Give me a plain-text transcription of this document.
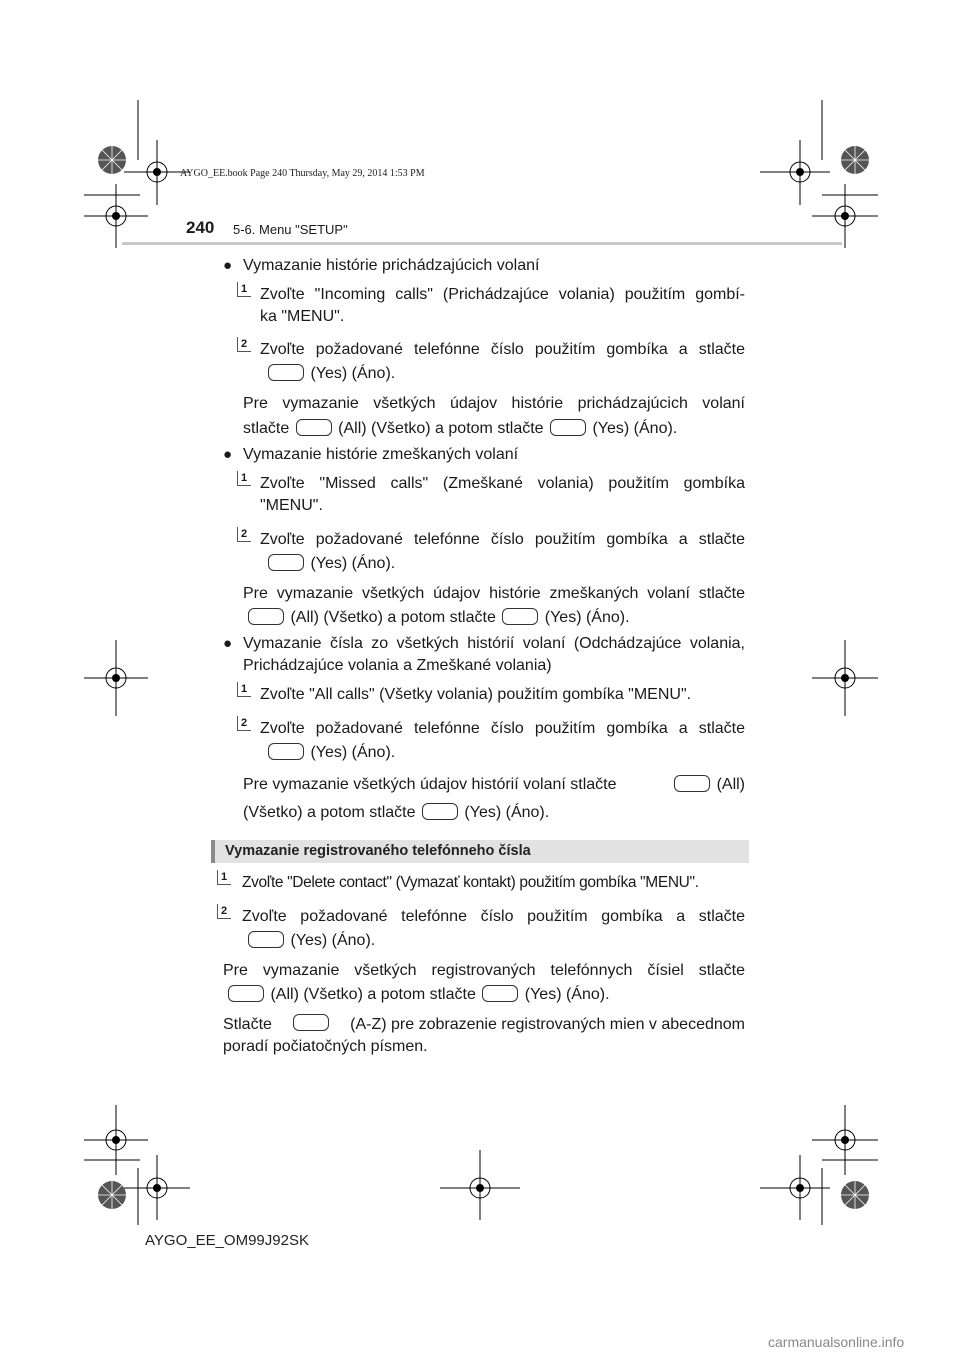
AYGO_EE.book Page 240 Thursday, May 29, 2014 1:53 PM
240 5-6. Menu "SETUP"
● Vymazanie histórie prichádzajúcich volaní
1 Zvoľte "Incoming calls" (Prichádzajúce volania) použitím gombí-
ka "MENU".
2 Zvoľte požadované telefónne číslo použitím gombíka a stlačte
(Yes) (Áno).
Pre vymazanie všetkých údajov histórie prichádzajúcich volaní
stlačte	(All) (Všetko) a potom stlačte	(Yes) (Áno).
● Vymazanie histórie zmeškaných volaní
1 Zvoľte "Missed calls" (Zmeškané volania) použitím gombíka
"MENU".
2 Zvoľte požadované telefónne číslo použitím gombíka a stlačte
(Yes) (Áno).
Pre vymazanie všetkých údajov histórie zmeškaných volaní stlačte
(All) (Všetko) a potom stlačte	(Yes) (Áno).
● Vymazanie čísla zo všetkých histórií volaní (Odchádzajúce volania,
Prichádzajúce volania a Zmeškané volania)
1 Zvoľte "All calls" (Všetky volania) použitím gombíka "MENU".
2 Zvoľte požadované telefónne číslo použitím gombíka a stlačte
(Yes) (Áno).
Pre vymazanie všetkých údajov histórií volaní stlačte	(All)
(Všetko) a potom stlačte	(Yes) (Áno).
Vymazanie registrovaného telefónneho čísla
1 Zvoľte "Delete contact" (Vymazať kontakt) použitím gombíka "MENU".
2 Zvoľte požadované telefónne číslo použitím gombíka a stlačte
(Yes) (Áno).
Pre vymazanie všetkých registrovaných telefónnych čísiel stlačte
(All) (Všetko) a potom stlačte	(Yes) (Áno).
Stlačte	(A-Z) pre zobrazenie registrovaných mien v abecednom
poradí počiatočných písmen.
AYGO_EE_OM99J92SK
carmanualsonline.info
